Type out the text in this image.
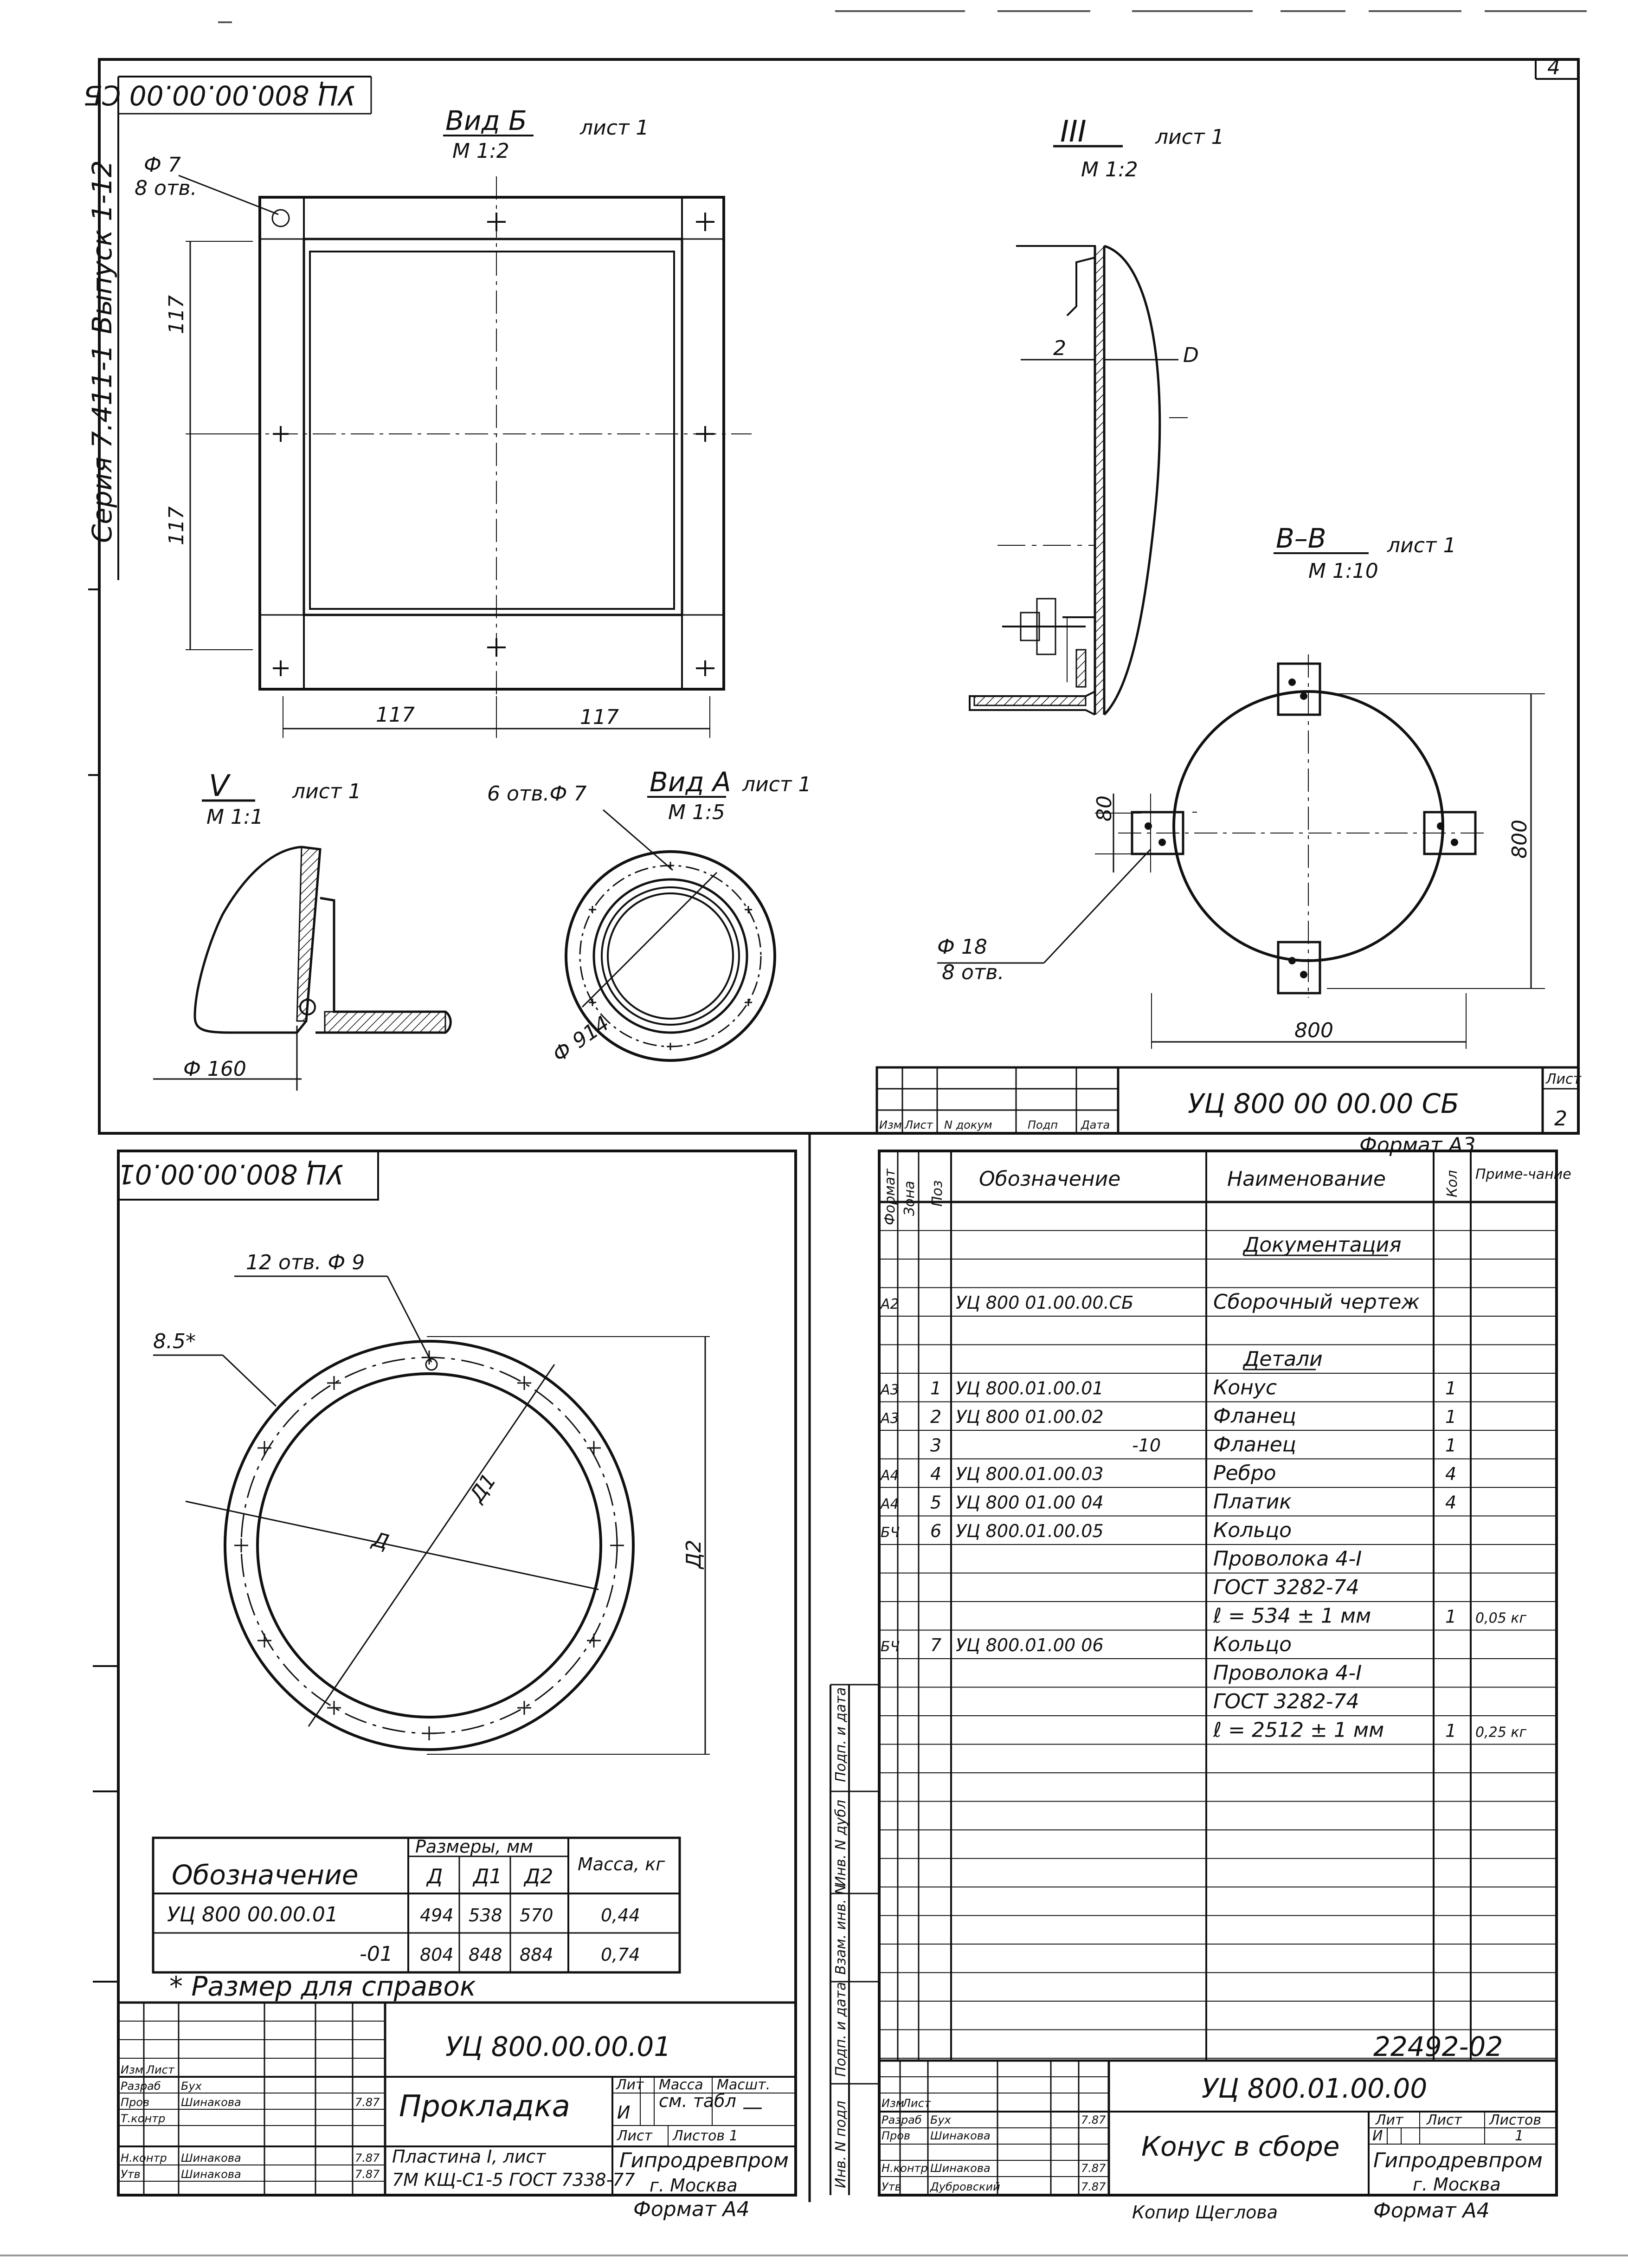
4
УЦ 800.00.00.00 СБ
Серия 7.411-1
Выпуск 1-12
Вид Б	лист 1
М 1:2
Ф 7
8 отв.
117
117
117	117
III	лист 1
М 1:2
2	D
В–В	лист 1
М 1:10
80
800
800
Ф 18
8 отв.
V	лист 1
М 1:1
Ф 160
Вид А лист 1
М 1:5
6 отв.Ф 7
Ф 914
Изм Лист N докум	Подп Дата
УЦ 800 00 00.00 СБ
Лист
2
Формат А3
УЦ 800.00.00.01
12 отв. Ф 9
8.5*
Д
Д1
Д2
Обозначение
Размеры, мм
Д Д1 Д2
Масса, кг
УЦ 800 00.00.01	494 538 570	0,44
-01 804 848 884	0,74
* Размер для справок
УЦ 800.00.00.01
Прокладка
Лит Масса Масшт.
И
см. табл —
Лист Листов 1
Пластина I, лист
7М КЩ-С1-5 ГОСТ 7338-77
Гипродревпром
г. Москва
Изм Лист
Разраб Бух
Пров	Шинакова
Т.контр
Н.контр Шинакова
Утв	Шинакова
7.87
7.87
7.87
Формат А4
Подп. и дата
Инв. N дубл
Взам. инв. N
Подп. и дата
Инв. N подл
Формат Зона Поз
Обозначение	Наименование	Кол Приме-чание
Документация
А2	УЦ 800 01.00.00.СБ	Сборочный чертеж
Детали
А3 1 УЦ 800.01.00.01	Конус	1
А3 2 УЦ 800 01.00.02	Фланец	1
3	-10	Фланец	1
А4 4 УЦ 800.01.00.03	Ребро	4
А4 5 УЦ 800 01.00 04	Платик	4
БЧ 6 УЦ 800.01.00.05	Кольцо
Проволока 4-I
ГОСТ 3282-74
ℓ = 534 ± 1 мм	1 0,05 кг
БЧ 7 УЦ 800.01.00 06	Кольцо
Проволока 4-I
ГОСТ 3282-74
ℓ = 2512 ± 1 мм	1 0,25 кг
22492-02
УЦ 800.01.00.00
Конус в сборе
Лит Лист Листов
И	1
Гипродревпром
г. Москва
Изм
Лист
Разраб Бух
Пров Шинакова
Н.контр Шинакова
Утв	Дубровский
7.87
7.87
7.87
Копир Щеглова	Формат А4
